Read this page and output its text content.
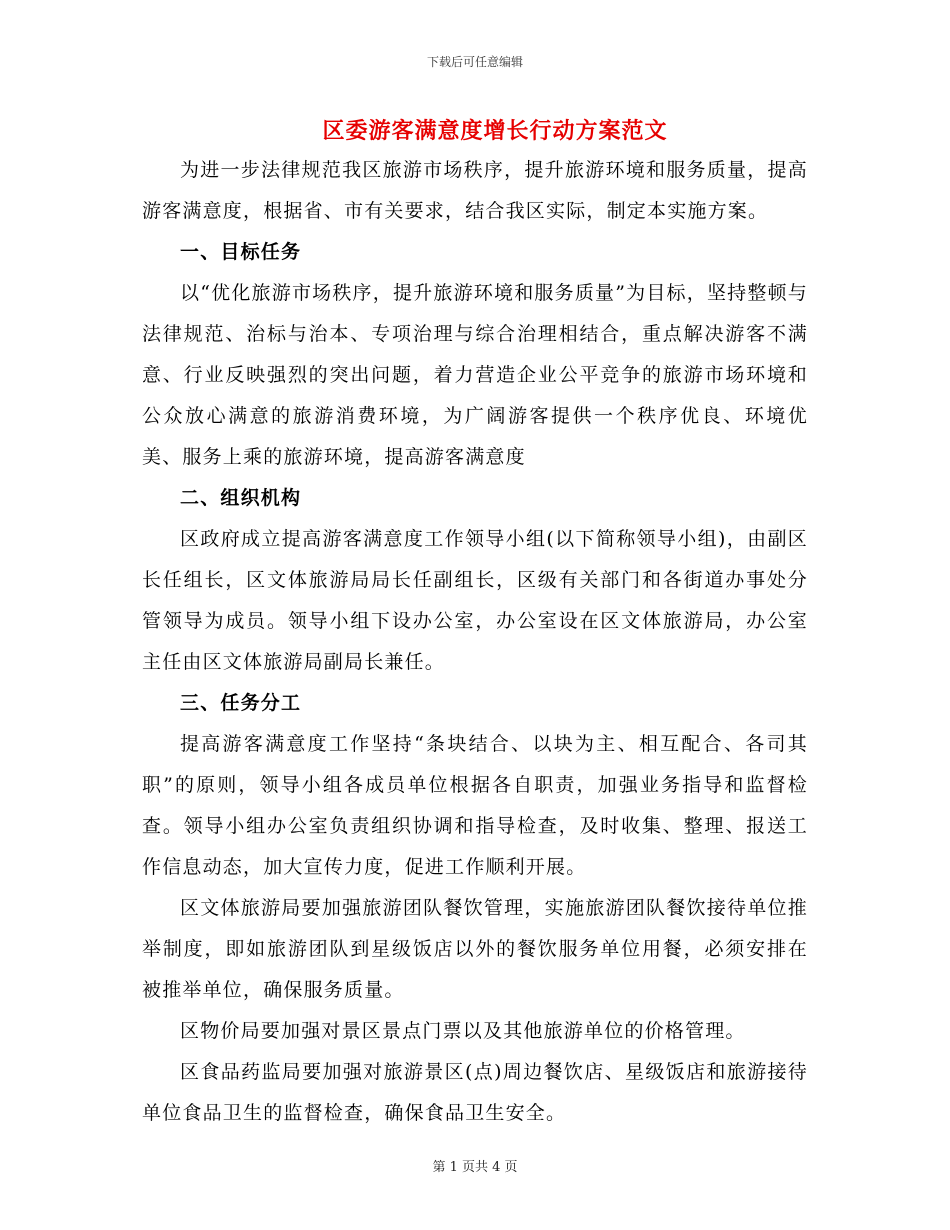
下载后可任意编辑
区委游客满意度增长行动方案范文

为进一步法律规范我区旅游市场秩序，提升旅游环境和服务质量，提高游客满意度，根据省、市有关要求，结合我区实际，制定本实施方案。

一、目标任务

以“优化旅游市场秩序，提升旅游环境和服务质量”为目标，坚持整顿与法律规范、治标与治本、专项治理与综合治理相结合，重点解决游客不满意、行业反映强烈的突出问题，着力营造企业公平竞争的旅游市场环境和公众放心满意的旅游消费环境，为广阔游客提供一个秩序优良、环境优美、服务上乘的旅游环境，提高游客满意度

二、组织机构

区政府成立提高游客满意度工作领导小组(以下简称领导小组)，由副区长任组长，区文体旅游局局长任副组长，区级有关部门和各街道办事处分管领导为成员。领导小组下设办公室，办公室设在区文体旅游局，办公室主任由区文体旅游局副局长兼任。

三、任务分工

提高游客满意度工作坚持“条块结合、以块为主、相互配合、各司其职”的原则，领导小组各成员单位根据各自职责，加强业务指导和监督检查。领导小组办公室负责组织协调和指导检查，及时收集、整理、报送工作信息动态，加大宣传力度，促进工作顺利开展。

区文体旅游局要加强旅游团队餐饮管理，实施旅游团队餐饮接待单位推举制度，即如旅游团队到星级饭店以外的餐饮服务单位用餐，必须安排在被推举单位，确保服务质量。

区物价局要加强对景区景点门票以及其他旅游单位的价格管理。

区食品药监局要加强对旅游景区(点)周边餐饮店、星级饭店和旅游接待单位食品卫生的监督检查，确保食品卫生安全。

第 1 页共 4 页
